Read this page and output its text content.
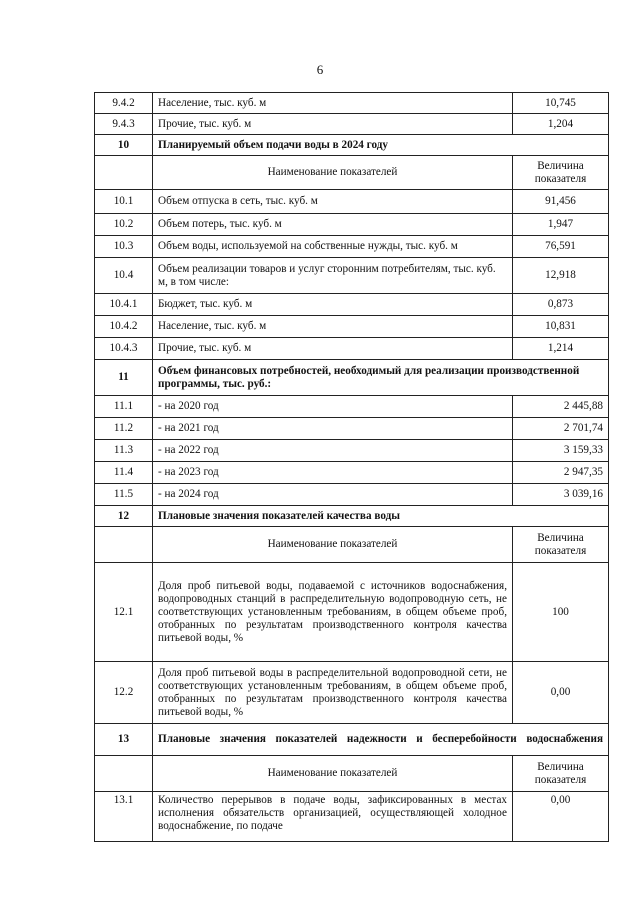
6
9.4.2	Население, тыс. куб. м	10,745
9.4.3	Прочие, тыс. куб. м	1,204
10	Планируемый объем подачи воды в 2024 году	
	Наименование показателей	Величина показателя
10.1	Объем отпуска в сеть, тыс. куб. м	91,456
10.2	Объем потерь, тыс. куб. м	1,947
10.3	Объем воды, используемой на собственные нужды, тыс. куб. м	76,591
10.4	Объем реализации товаров и услуг сторонним потребителям, тыс. куб. м, в том числе:	12,918
10.4.1	Бюджет, тыс. куб. м	0,873
10.4.2	Население, тыс. куб. м	10,831
10.4.3	Прочие, тыс. куб. м	1,214
11	Объем финансовых потребностей, необходимый для реализации производственной программы, тыс. руб.:	
11.1	- на 2020 год	2 445,88
11.2	- на 2021 год	2 701,74
11.3	- на 2022 год	3 159,33
11.4	- на 2023 год	2 947,35
11.5	- на 2024 год	3 039,16
12	Плановые значения показателей качества воды	
	Наименование показателей	Величина показателя
12.1	Доля проб питьевой воды, подаваемой с источников водоснабжения, водопроводных станций в распределительную водопроводную сеть, не соответствующих установленным требованиям, в общем объеме проб, отобранных по результатам производственного контроля качества питьевой воды, %	100
12.2	Доля проб питьевой воды в распределительной водопроводной сети, не соответствующих установленным требованиям, в общем объеме проб, отобранных по результатам производственного контроля качества питьевой воды, %	0,00
13	Плановые значения показателей надежности и бесперебойности водоснабжения	
	Наименование показателей	Величина показателя
13.1	Количество перерывов в подаче воды, зафиксированных в местах исполнения обязательств организацией, осуществляющей холодное водоснабжение, по подаче	0,00
